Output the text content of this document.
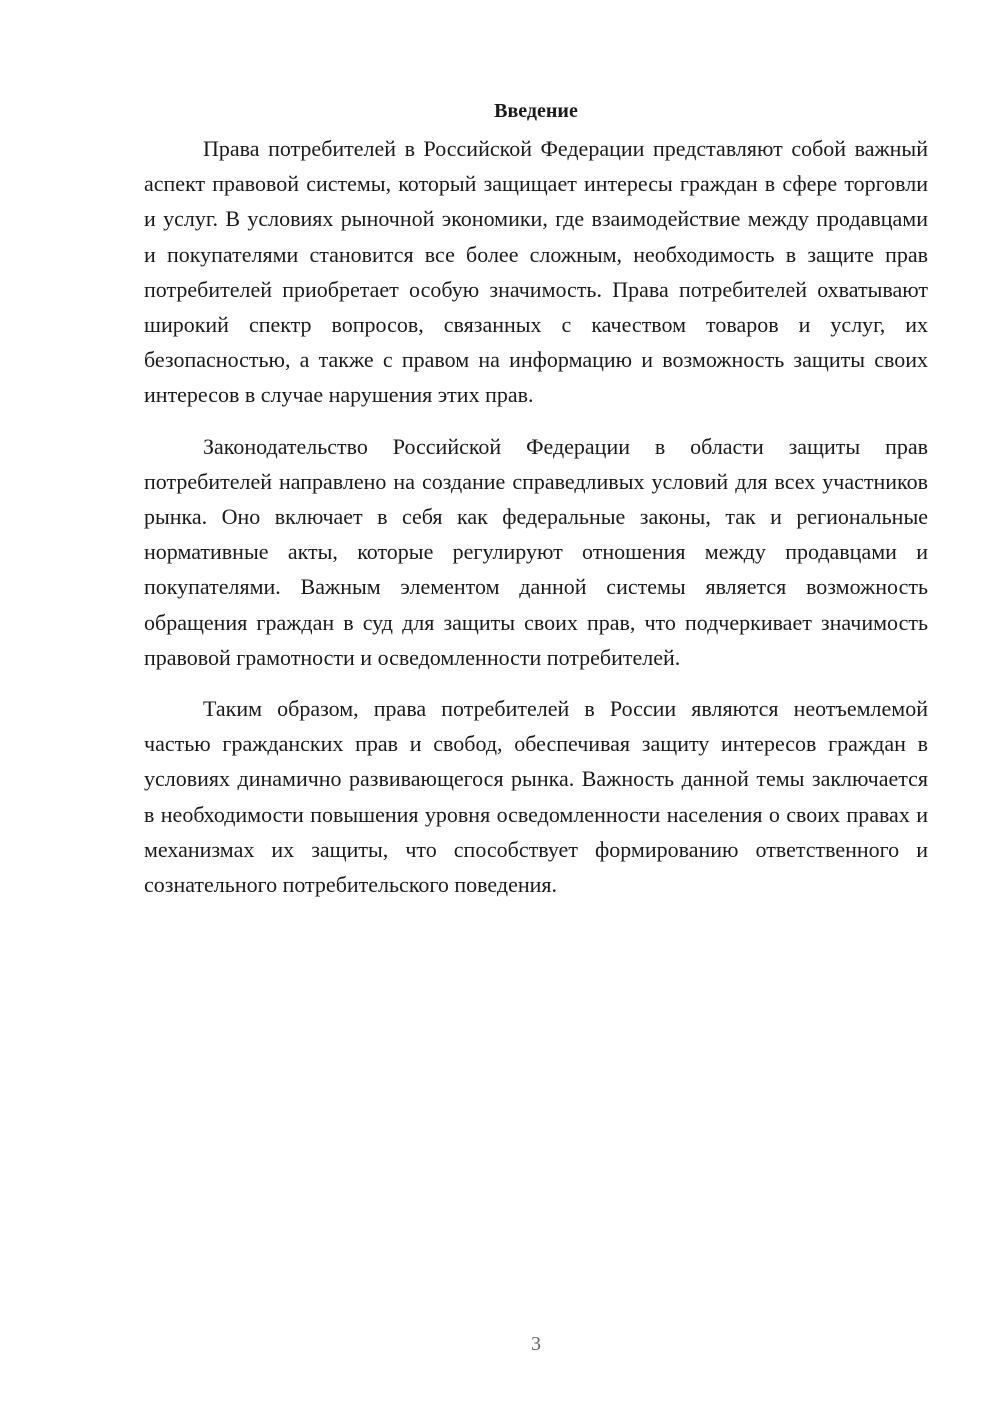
Введение

Права потребителей в Российской Федерации представляют собой важный аспект правовой системы, который защищает интересы граждан в сфере торговли и услуг. В условиях рыночной экономики, где взаимодействие между продавцами и покупателями становится все более сложным, необходимость в защите прав потребителей приобретает особую значимость. Права потребителей охватывают широкий спектр вопросов, связанных с качеством товаров и услуг, их безопасностью, а также с правом на информацию и возможность защиты своих интересов в случае нарушения этих прав.

Законодательство Российской Федерации в области защиты прав потребителей направлено на создание справедливых условий для всех участников рынка. Оно включает в себя как федеральные законы, так и региональные нормативные акты, которые регулируют отношения между продавцами и покупателями. Важным элементом данной системы является возможность обращения граждан в суд для защиты своих прав, что подчеркивает значимость правовой грамотности и осведомленности потребителей.

Таким образом, права потребителей в России являются неотъемлемой частью гражданских прав и свобод, обеспечивая защиту интересов граждан в условиях динамично развивающегося рынка. Важность данной темы заключается в необходимости повышения уровня осведомленности населения о своих правах и механизмах их защиты, что способствует формированию ответственного и сознательного потребительского поведения.

3
